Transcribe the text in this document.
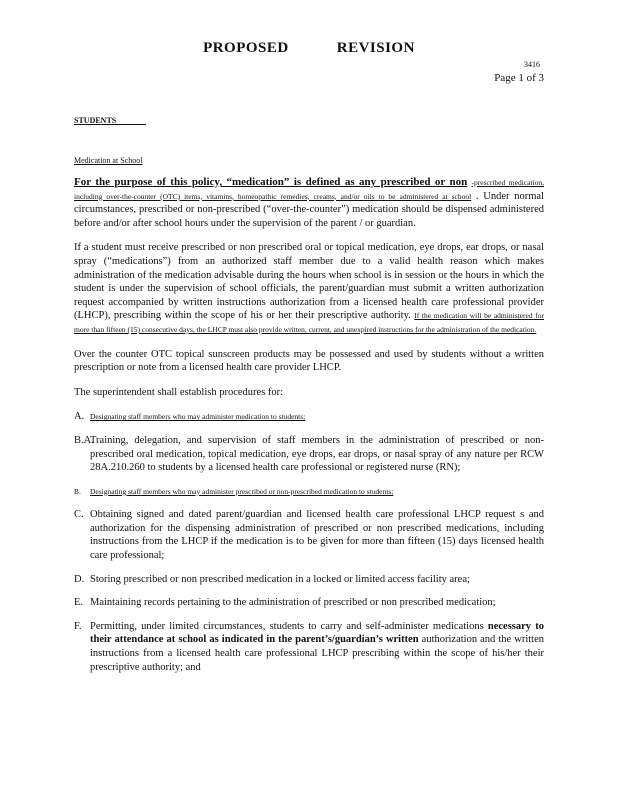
PROPOSED	REVISION
3416
Page 1 of 3
STUDENTS
Medication at School

For the purpose of this policy, “medication” is defined as any prescribed or non -prescribed medication, including over-the-counter (OTC) items, vitamins, homeopathic remedies, creams, and/or oils to be administered at school . Under normal circumstances, prescribed or non-prescribed (“over-the-counter”) medication should be dispensed administered before and/or after school hours under the supervision of the parent / or guardian.

If a student must receive prescribed or non prescribed oral or topical medication, eye drops, ear drops, or nasal spray (“medications”) from an authorized staff member due to a valid health reason which makes administration of the medication advisable during the hours when school is in session or the hours in which the student is under the supervision of school officials, the parent/guardian must submit a written authorization request accompanied by written instructions authorization from a licensed health care professional provider (LHCP), prescribing within the scope of his or her their prescriptive authority. If the medication will be administered for more than fifteen (15) consecutive days, the LHCP must also provide written, current, and unexpired instructions for the administration of the medication.

Over the counter OTC topical sunscreen products may be possessed and used by students without a written prescription or note from a licensed health care provider LHCP.

The superintendent shall establish procedures for:

A. Designating staff members who may administer medication to students;
B.A.
Training, delegation, and supervision of staff members in the administration of prescribed or non-prescribed oral medication, topical medication, eye drops, ear drops, or nasal spray of any nature per RCW 28A.210.260 to students by a licensed health care professional or registered nurse (RN);
B. Designating staff members who may administer prescribed or non-prescribed medication to students;
C. Obtaining signed and dated parent/guardian and licensed health care professional LHCP request s and authorization for the dispensing administration of prescribed or non prescribed medications, including instructions from the LHCP if the medication is to be given for more than fifteen (15) days licensed health care professional;
D. Storing prescribed or non prescribed medication in a locked or limited access facility area;
E. Maintaining records pertaining to the administration of prescribed or non prescribed medication;
F. Permitting, under limited circumstances, students to carry and self-administer medications necessary to their attendance at school as indicated in the parent’s/guardian’s written authorization and the written instructions from a licensed health care professional LHCP prescribing within the scope of his/her their prescriptive authority; and
